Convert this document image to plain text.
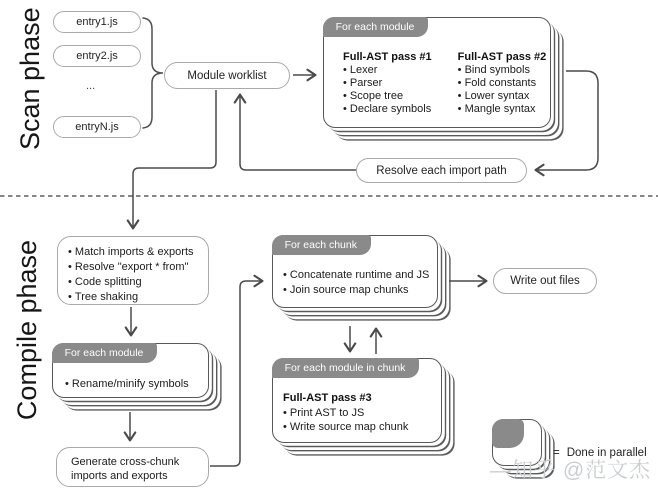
Scan phase
Compile phase
entry1.js
entry2.js
...
entryN.js
Module worklist
For each module
Full-AST pass #1
• Lexer
• Parser
• Scope tree
• Declare symbols
Full-AST pass #2
• Bind symbols
• Fold constants
• Lower syntax
• Mangle syntax
Resolve each import path
• Match imports & exports
• Resolve "export * from"
• Code splitting
• Tree shaking
For each module
• Rename/minify symbols
Generate cross-chunk
imports and exports
For each chunk
• Concatenate runtime and JS
• Join source map chunks
Write out files
For each module in chunk
Full-AST pass #3
• Print AST to JS
• Write source map chunk
= Done in parallel
—知乎 @范文杰
